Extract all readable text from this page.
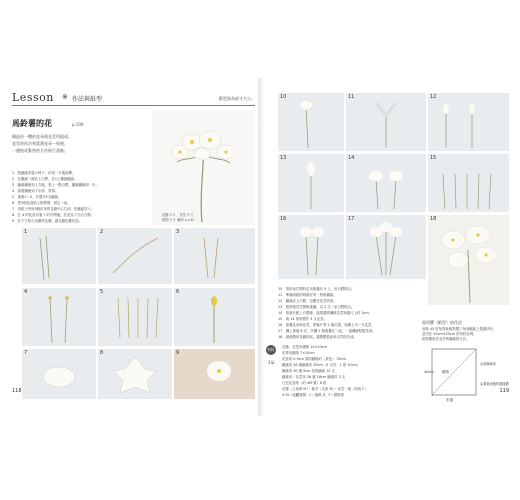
Lesson ※ 作法與紙型	紙型皆為原寸大小。
馬鈴薯的花	p.100
構造由一體的花朵與花莖所組成。
花莖的作法和蕾喬花朵一致後，
一邊捲成緊密的方法進行重點。
1　把鐵絲穿過小珠子，折成一半後扭轉。
2　在鐵絲一端沾上白膠，在1上纏繞鐵絲。
3　鐵絲纏繞到上方後，黏上一點白膠，繼續纏繞到一半。
4　重複纏繞到下半部，剪掉。
5　重複2～4，共製作5支鐵絲。
6　把5個花蕊貼上紙膠帶，固定一束。
7　用鉗子夾取5個花朵的花瓣中心打洞，把鐵絲穿入。
8　在 4 的花蕊穿過 7 的中間後，在花蕊下方沾白膠。
9　於下方貼合花瓣等花瓣，讓花瓣包覆花蕊。
花瓣 2 片、花莖 3 片
紙型 5 片 範例 p.142
1	2	3
4	5	6
7	8	9
118
10	11	12
13	14	15
16	17	18
10　把兩朵打開的花用重疊在 9 上，用白膠貼合。
11　準備兩根的紙做好的一對紙鐵絲。
12　鐵絲沾上白膠，包覆在花莖底部。
13　把兩根莖打開後重疊，以 2 支一束白膠貼合。
14　把葉片配上白膠線，邊捲邊將纏繞花莖與葉片上約 3cm。
15　與 14 相同製作 3 支花莖。
16　重疊花朵和花莖，將葉片等 2 個位置，再纏上另一支花莖。
17　纏上重複 8 次，共纏 2 個重疊在一起，一邊纏繞貼服莖部。
18　最後整形花瓣形狀，讓整體看起來自然即完成。
材料
1朵
花瓣、花莖用縐紙 10×10cm
花萼用縐紙 7×10cm
花蕊用 0.9cm 寬的鐵絲約（茶色） 30cm
鐵絲用 26 號鐵絲約 30cm（3 支份・1 @ 10cm）
鐵絲用 30 號 5cm 長的鐵絲 10 支
鐵絲用・花莖用 26 號 18cm 鐵絲約 3 支
白色花蕊紙（約 4M 號）6 根
花瓣（上面兩 M）・葉芽（次兩 M）・花莖・葉（兩表 F）
※ M＝接觸面積：C＝鋼紙 Z：F＝褶紙紙
面用寶（紙型）的作法
用紙 45 度角剪裁後對摺三角形鐵絲上捲邊所有，
並用在 20cm×20cm 的布料為例，
把紙縐紙作為外的鐵絲的方法。
40cm
布邊
縐紙
沿斜線裁切
沿著裁切後的邊緣摺下
119
